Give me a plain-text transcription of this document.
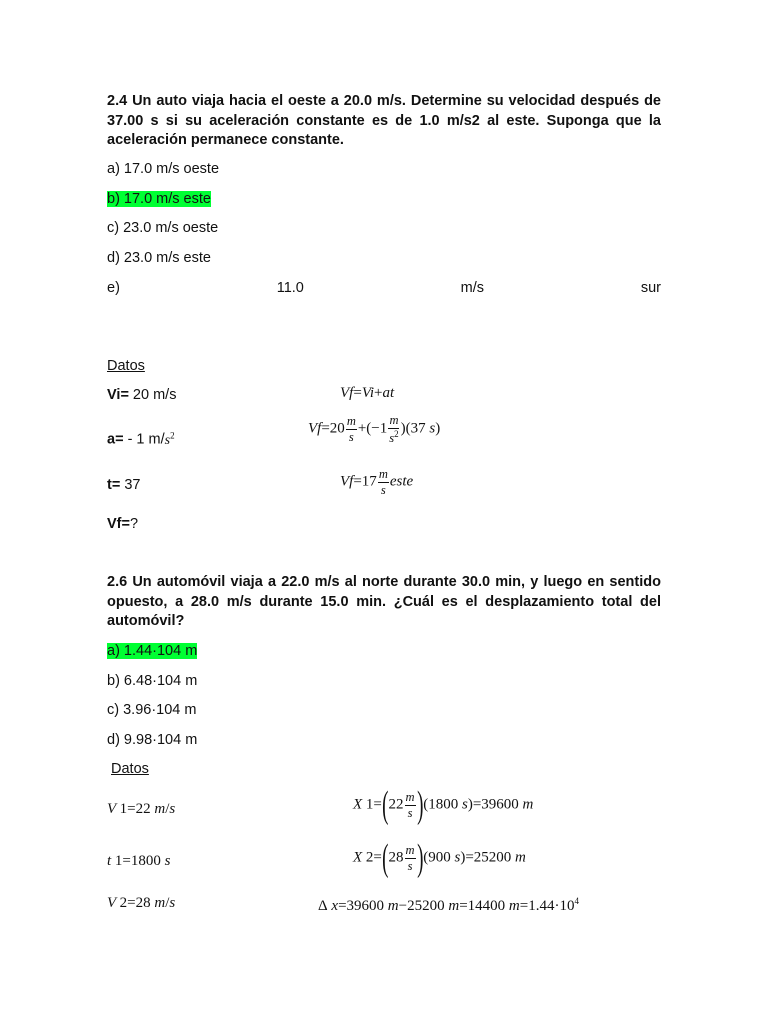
2.4 Un auto viaja hacia el oeste a 20.0 m/s. Determine su velocidad después de 37.00 s si su aceleración constante es de 1.0 m/s2 al este. Suponga que la aceleración permanece constante.

a) 17.0 m/s oeste
b) 17.0 m/s este
c) 23.0 m/s oeste
d) 23.0 m/s este
e)	11.0	m/s	sur
Datos
Vi= 20 m/s
a= - 1 $m/s^2$
t= 37
Vf=?
Vf=Vi+at
$Vf=20 \frac{m}{s} +(-1 \frac{m}{s^2} )(37$ s)
$Vf=17 \frac{m}{s}$ este

2.6 Un automóvil viaja a 22.0 m/s al norte durante 30.0 min, y luego en sentido opuesto, a 28.0 m/s durante 15.0 min. ¿Cuál es el desplazamiento total del automóvil?

a) 1.44·104 m
b) 6.48·104 m
c) 3.96·104 m
d) 9.98·104 m
Datos
V 1=22 m/s
t 1=1800 s
V 2=28 m/s
X $1=(22 \frac{m}{s} )(1800$ s)=39600 m
X $2=(28 \frac{m}{s} )(900$ s)=25200 m
Δ x=39600 m−25200 m=14400 $m=1.44\cdot 10^4$
